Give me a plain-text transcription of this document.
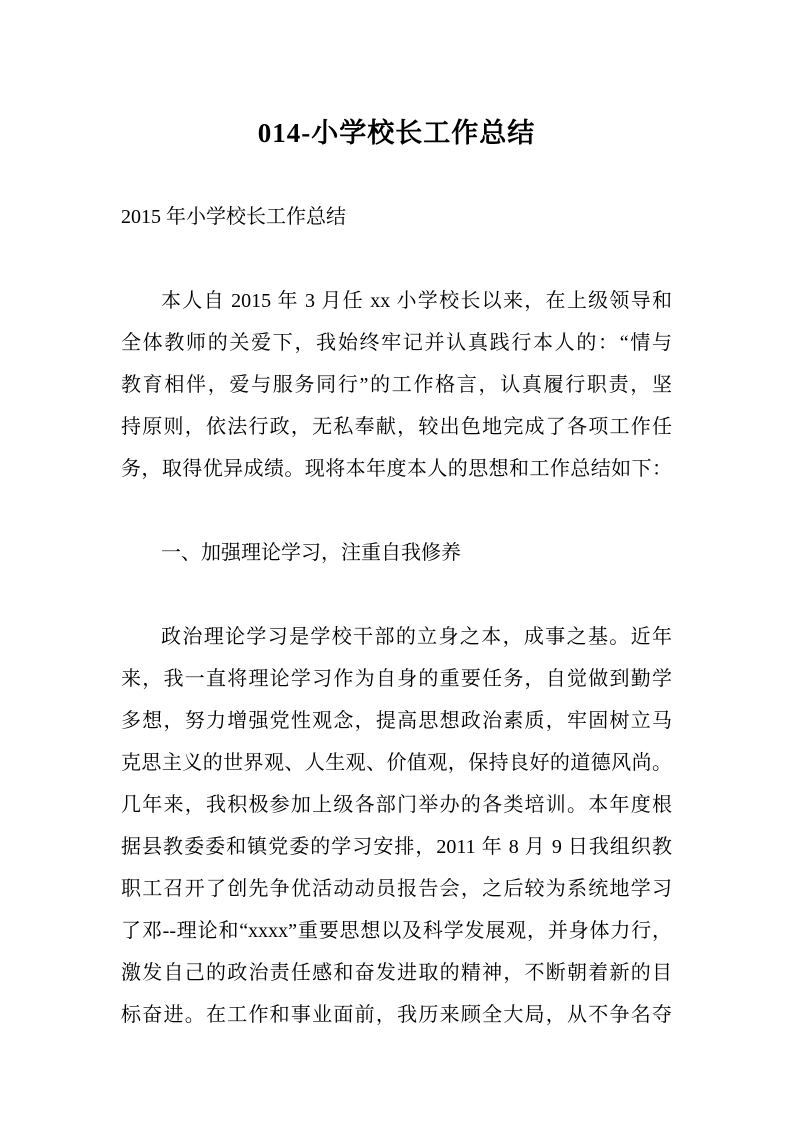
014-小学校长工作总结

2015 年小学校长工作总结

本人自 2015 年 3 月任 xx 小学校长以来，在上级领导和
全体教师的关爱下，我始终牢记并认真践行本人的：“情与
教育相伴，爱与服务同行”的工作格言，认真履行职责，坚
持原则，依法行政，无私奉献，较出色地完成了各项工作任
务，取得优异成绩。现将本年度本人的思想和工作总结如下：
一、加强理论学习，注重自我修养
政治理论学习是学校干部的立身之本，成事之基。近年
来，我一直将理论学习作为自身的重要任务，自觉做到勤学
多想，努力增强党性观念，提高思想政治素质，牢固树立马
克思主义的世界观、人生观、价值观，保持良好的道德风尚。
几年来，我积极参加上级各部门举办的各类培训。本年度根
据县教委委和镇党委的学习安排，2011 年 8 月 9 日我组织教
职工召开了创先争优活动动员报告会，之后较为系统地学习
了邓--理论和“xxxx”重要思想以及科学发展观，并身体力行，
激发自己的政治责任感和奋发进取的精神，不断朝着新的目
标奋进。在工作和事业面前，我历来顾全大局，从不争名夺
